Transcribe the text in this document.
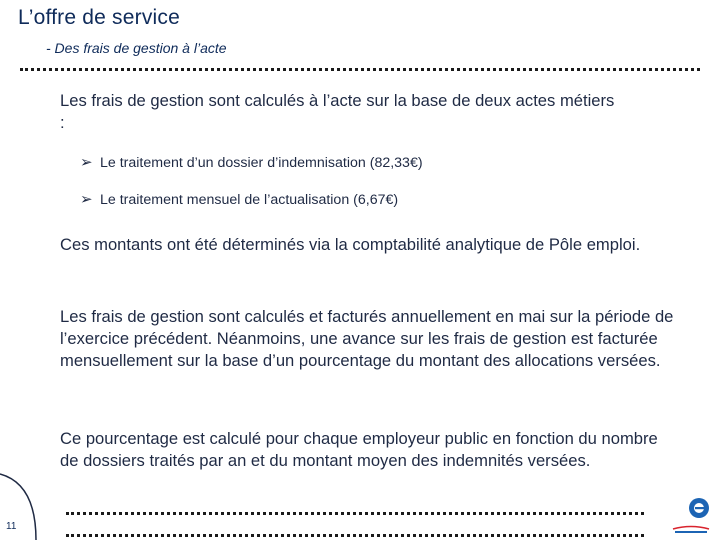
L’offre de service
- Des frais de gestion à l’acte
Les frais de gestion sont calculés à l’acte sur la base de deux actes métiers :
➢ Le traitement d’un dossier d’indemnisation (82,33€)
➢ Le traitement mensuel de l’actualisation (6,67€)
Ces montants ont été déterminés via la comptabilité analytique de Pôle emploi.
Les frais de gestion sont calculés et facturés annuellement en mai sur la période de l’exercice précédent. Néanmoins, une avance sur les frais de gestion est facturée mensuellement sur la base d’un pourcentage du montant des allocations versées.
Ce pourcentage est calculé pour chaque employeur public en fonction du nombre de dossiers traités par an et du montant moyen des indemnités versées.
11
